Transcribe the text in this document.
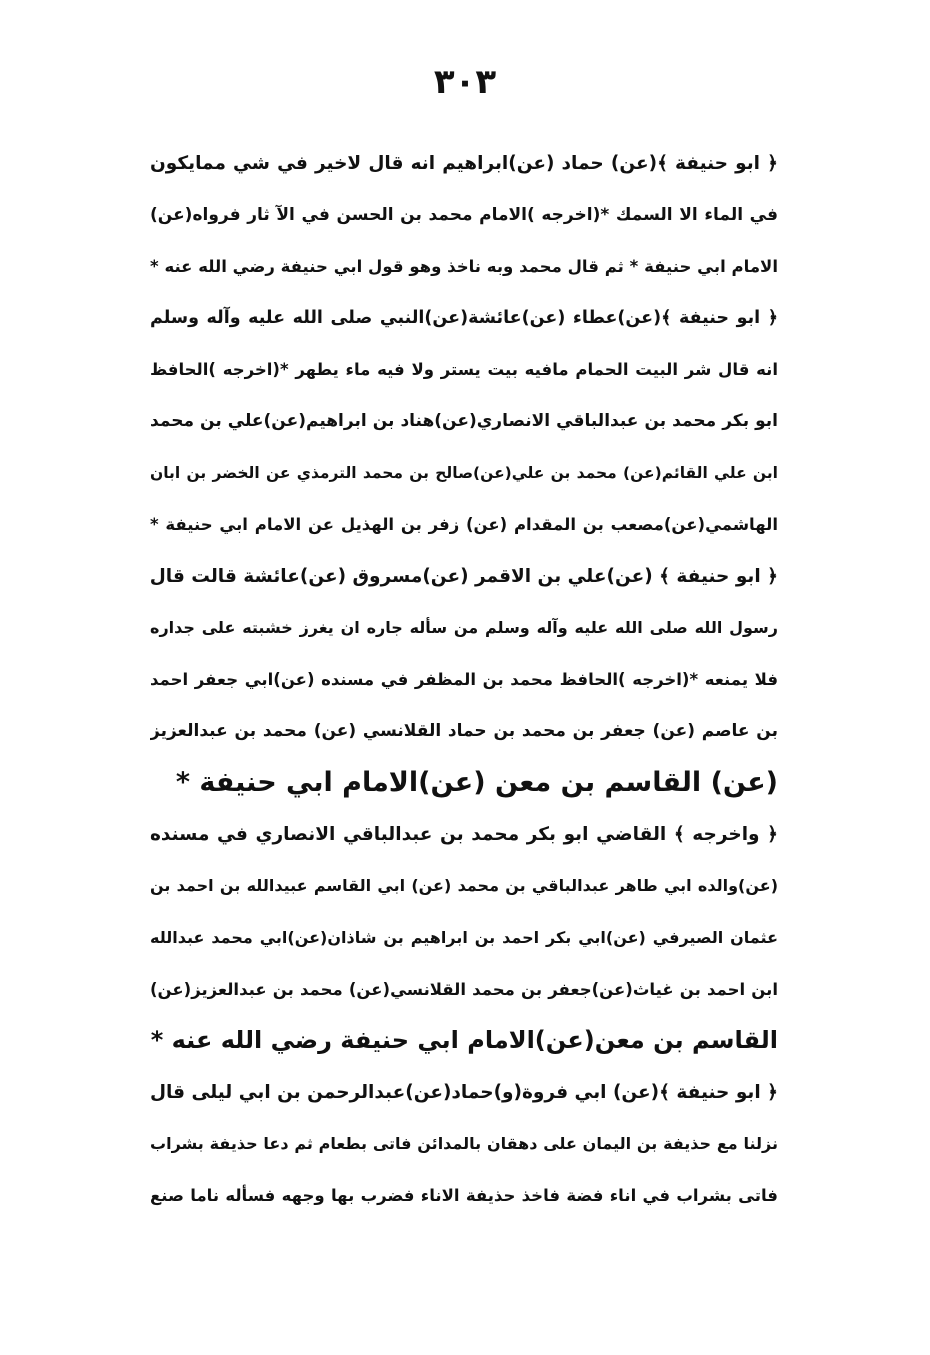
۳۰۳
﴿ ابو حنيفة ﴾(عن) حماد (عن)ابراهيم انه قال لاخير في شي ممايكون
في الماء الا السمك *(اخرجه )الامام محمد بن الحسن في الآ ثار فرواه(عن)
الامام ابي حنيفة * ثم قال محمد وبه ناخذ وهو قول ابي حنيفة رضي الله عنه *
﴿ ابو حنيفة ﴾(عن)عطاء (عن)عائشة(عن)النبي صلى الله عليه وآله وسلم
انه قال شر البيت الحمام مافيه بيت يستر ولا فيه ماء يطهر *(اخرجه )الحافظ
ابو بكر محمد بن عبدالباقي الانصاري(عن)هناد بن ابراهيم(عن)علي بن محمد
ابن علي القائم(عن) محمد بن علي(عن)صالح بن محمد الترمذي عن الخضر بن ابان
الهاشمي(عن)مصعب بن المقدام (عن) زفر بن الهذيل عن الامام ابي حنيفة *
﴿ ابو حنيفة ﴾ (عن)علي بن الاقمر (عن)مسروق (عن)عائشة قالت قال
رسول الله صلى الله عليه وآله وسلم من سأله جاره ان يغرز خشبته على جداره
فلا يمنعه *(اخرجه )الحافظ محمد بن المظفر في مسنده (عن)ابي جعفر احمد
بن عاصم (عن) جعفر بن محمد بن حماد القلانسي (عن) محمد بن عبدالعزيز
(عن) القاسم بن معن (عن)الامام ابي حنيفة *
﴿ واخرجه ﴾ القاضي ابو بكر محمد بن عبدالباقي الانصاري في مسنده
(عن)والده ابي طاهر عبدالباقي بن محمد (عن) ابي القاسم عبيدالله بن احمد بن
عثمان الصيرفي (عن)ابي بكر احمد بن ابراهيم بن شاذان(عن)ابي محمد عبدالله
ابن احمد بن غياث(عن)جعفر بن محمد القلانسي(عن) محمد بن عبدالعزيز(عن)
القاسم بن معن(عن)الامام ابي حنيفة رضي الله عنه *
﴿ ابو حنيفة ﴾(عن) ابي فروة(و)حماد(عن)عبدالرحمن بن ابي ليلى قال
نزلنا مع حذيفة بن اليمان على دهقان بالمدائن فاتى بطعام ثم دعا حذيفة بشراب
فاتى بشراب في اناء فضة فاخذ حذيفة الاناء فضرب بها وجهه فسأله ناما صنع
